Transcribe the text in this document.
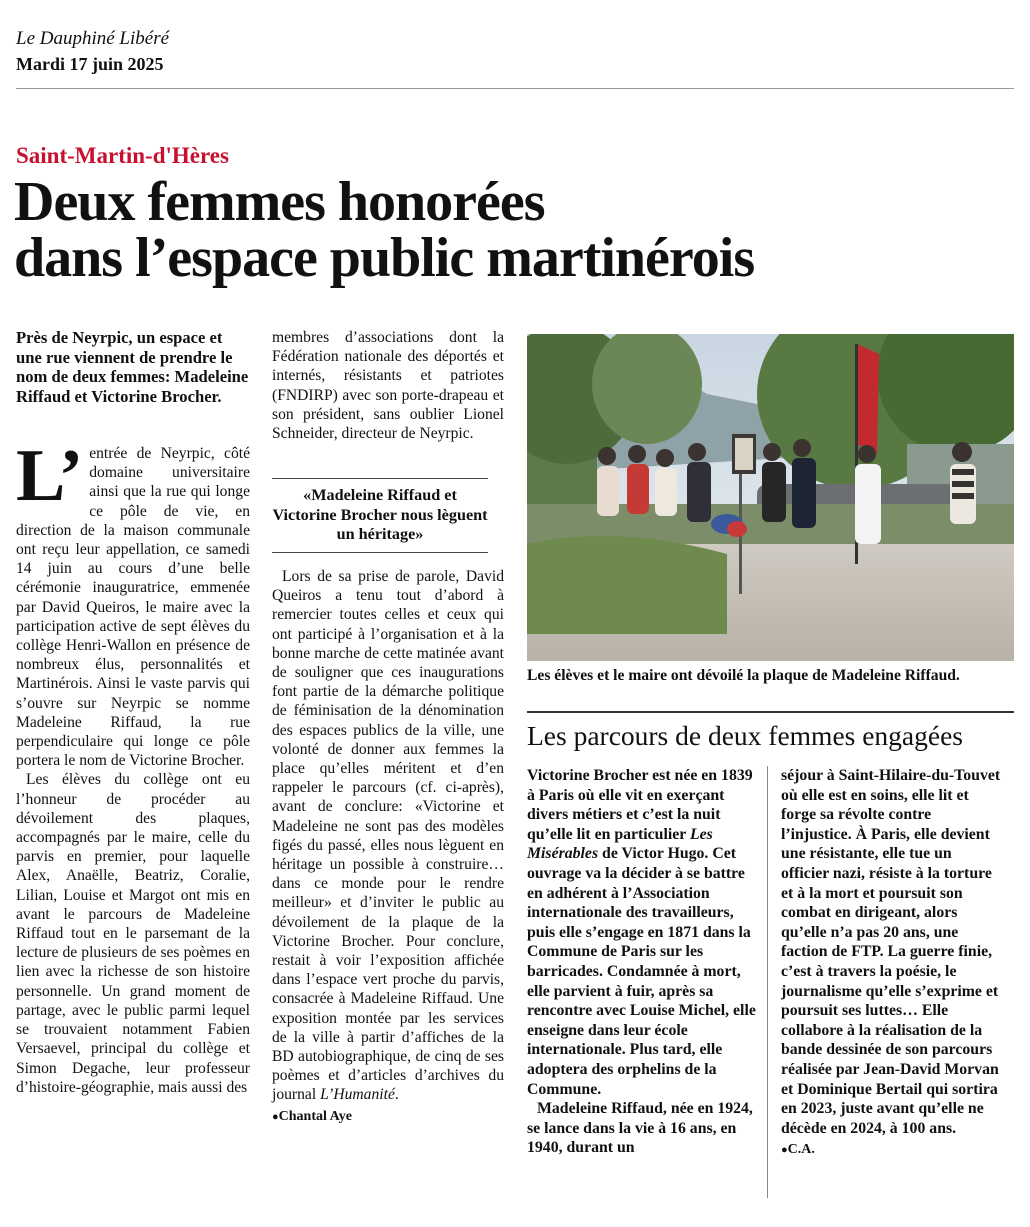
Le Dauphiné Libéré
Mardi 17 juin 2025
Saint-Martin-d'Hères
Deux femmes honorées
dans l’espace public martinérois
Près de Neyrpic, un espace et une rue viennent de prendre le nom de deux femmes: Madeleine Riffaud et Victorine Brocher.

L’ entrée de Neyrpic, côté domaine universitaire ainsi que la rue qui longe ce pôle de vie, en direction de la maison communale ont reçu leur appellation, ce samedi 14 juin au cours d’une belle cérémonie inauguratrice, emmenée par David Queiros, le maire avec la participation active de sept élèves du collège Henri-Wallon en présence de nombreux élus, personnalités et Martinérois. Ainsi le vaste parvis qui s’ouvre sur Neyrpic se nomme Madeleine Riffaud, la rue perpendiculaire qui longe ce pôle portera le nom de Victorine Brocher.

Les élèves du collège ont eu l’honneur de procéder au dévoilement des plaques, accompagnés par le maire, celle du parvis en premier, pour laquelle Alex, Anaëlle, Beatriz, Coralie, Lilian, Louise et Margot ont mis en avant le parcours de Madeleine Riffaud tout en le parsemant de la lecture de plusieurs de ses poèmes en lien avec la richesse de son histoire personnelle. Un grand moment de partage, avec le public parmi lequel se trouvaient notamment Fabien Versaevel, principal du collège et Simon Degache, leur professeur d’histoire-géographie, mais aussi des

membres d’associations dont la Fédération nationale des déportés et internés, résistants et patriotes (FNDIRP) avec son porte-drapeau et son président, sans oublier Lionel Schneider, directeur de Neyrpic.

«Madeleine Riffaud et Victorine Brocher nous lèguent un héritage»

Lors de sa prise de parole, David Queiros a tenu tout d’abord à remercier toutes celles et ceux qui ont participé à l’organisation et à la bonne marche de cette matinée avant de souligner que ces inaugurations font partie de la démarche politique de féminisation de la dénomination des espaces publics de la ville, une volonté de donner aux femmes la place qu’elles méritent et d’en rappeler le parcours (cf. ci-après), avant de conclure: «Victorine et Madeleine ne sont pas des modèles figés du passé, elles nous lèguent en héritage un possible à construire… dans ce monde pour le rendre meilleur» et d’inviter le public au dévoilement de la plaque de la Victorine Brocher. Pour conclure, restait à voir l’exposition affichée dans l’espace vert proche du parvis, consacrée à Madeleine Riffaud. Une exposition montée par les services de la ville à partir d’affiches de la BD autobiographique, de cinq de ses poèmes et d’articles d’archives du journal L’Humanité.

●Chantal Aye
Les élèves et le maire ont dévoilé la plaque de Madeleine Riffaud.
Les parcours de deux femmes engagées

Victorine Brocher est née en 1839 à Paris où elle vit en exerçant divers métiers et c’est la nuit qu’elle lit en particulier Les Misérables de Victor Hugo. Cet ouvrage va la décider à se battre en adhérent à l’Association internationale des travailleurs, puis elle s’engage en 1871 dans la Commune de Paris sur les barricades. Condamnée à mort, elle parvient à fuir, après sa rencontre avec Louise Michel, elle enseigne dans leur école internationale. Plus tard, elle adoptera des orphelins de la Commune.

Madeleine Riffaud, née en 1924, se lance dans la vie à 16 ans, en 1940, durant un

séjour à Saint-Hilaire-du-Touvet où elle est en soins, elle lit et forge sa révolte contre l’injustice. À Paris, elle devient une résistante, elle tue un officier nazi, résiste à la torture et à la mort et poursuit son combat en dirigeant, alors qu’elle n’a pas 20 ans, une faction de FTP. La guerre finie, c’est à travers la poésie, le journalisme qu’elle s’exprime et poursuit ses luttes… Elle collabore à la réalisation de la bande dessinée de son parcours réalisée par Jean-David Morvan et Dominique Bertail qui sortira en 2023, juste avant qu’elle ne décède en 2024, à 100 ans.

●C.A.
